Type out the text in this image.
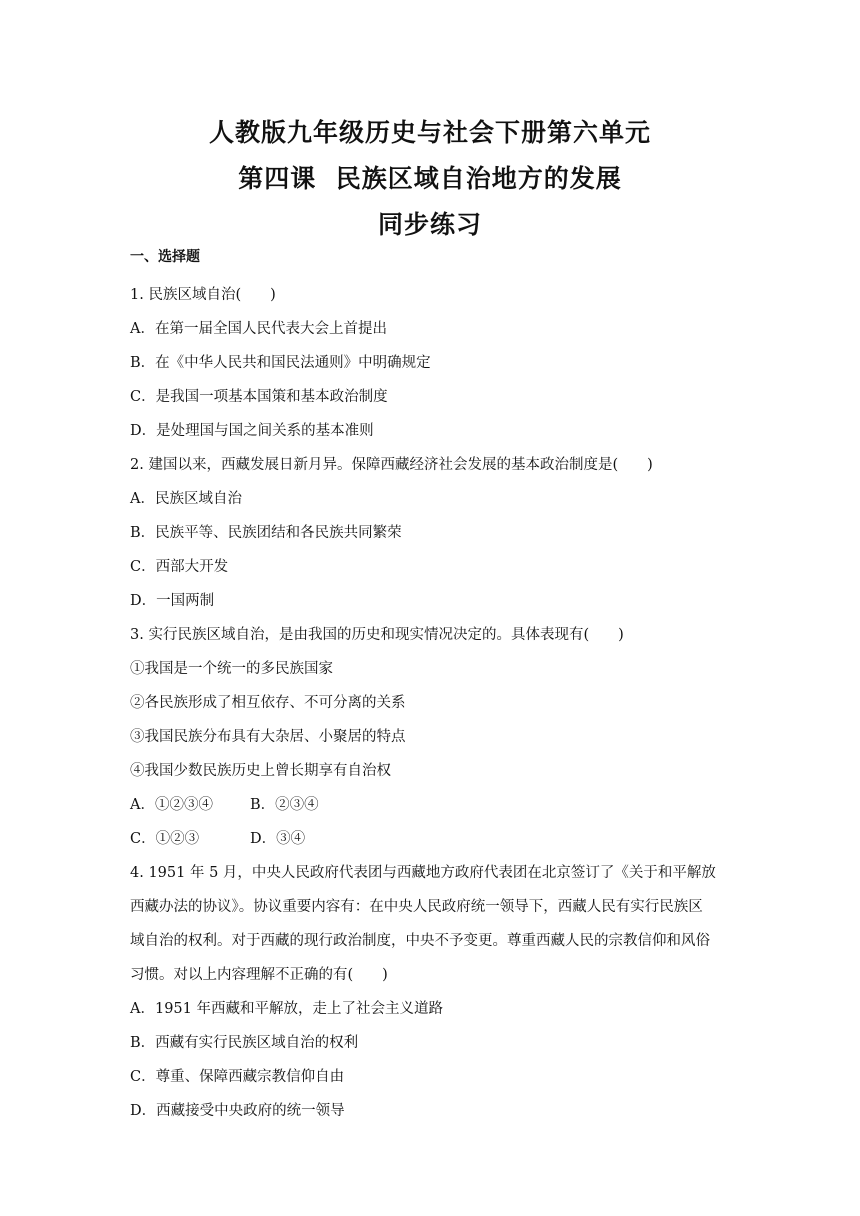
人教版九年级历史与社会下册第六单元

第四课  民族区域自治地方的发展

同步练习

一、选择题

1. 民族区域自治(　　)

A．在第一届全国人民代表大会上首提出

B．在《中华人民共和国民法通则》中明确规定

C．是我国一项基本国策和基本政治制度

D．是处理国与国之间关系的基本准则

2. 建国以来，西藏发展日新月异。保障西藏经济社会发展的基本政治制度是(　　)

A．民族区域自治

B．民族平等、民族团结和各民族共同繁荣

C．西部大开发

D．一国两制

3. 实行民族区域自治，是由我国的历史和现实情况决定的。具体表现有(　　)

①我国是一个统一的多民族国家

②各民族形成了相互依存、不可分离的关系

③我国民族分布具有大杂居、小聚居的特点

④我国少数民族历史上曾长期享有自治权

A．①②③④	B．②③④

C．①②③	D．③④

4. 1951 年 5 月，中央人民政府代表团与西藏地方政府代表团在北京签订了《关于和平解放

西藏办法的协议》。协议重要内容有：在中央人民政府统一领导下，西藏人民有实行民族区

域自治的权利。对于西藏的现行政治制度，中央不予变更。尊重西藏人民的宗教信仰和风俗

习惯。对以上内容理解不正确的有(　　)

A．1951 年西藏和平解放，走上了社会主义道路

B．西藏有实行民族区域自治的权利

C．尊重、保障西藏宗教信仰自由

D．西藏接受中央政府的统一领导
